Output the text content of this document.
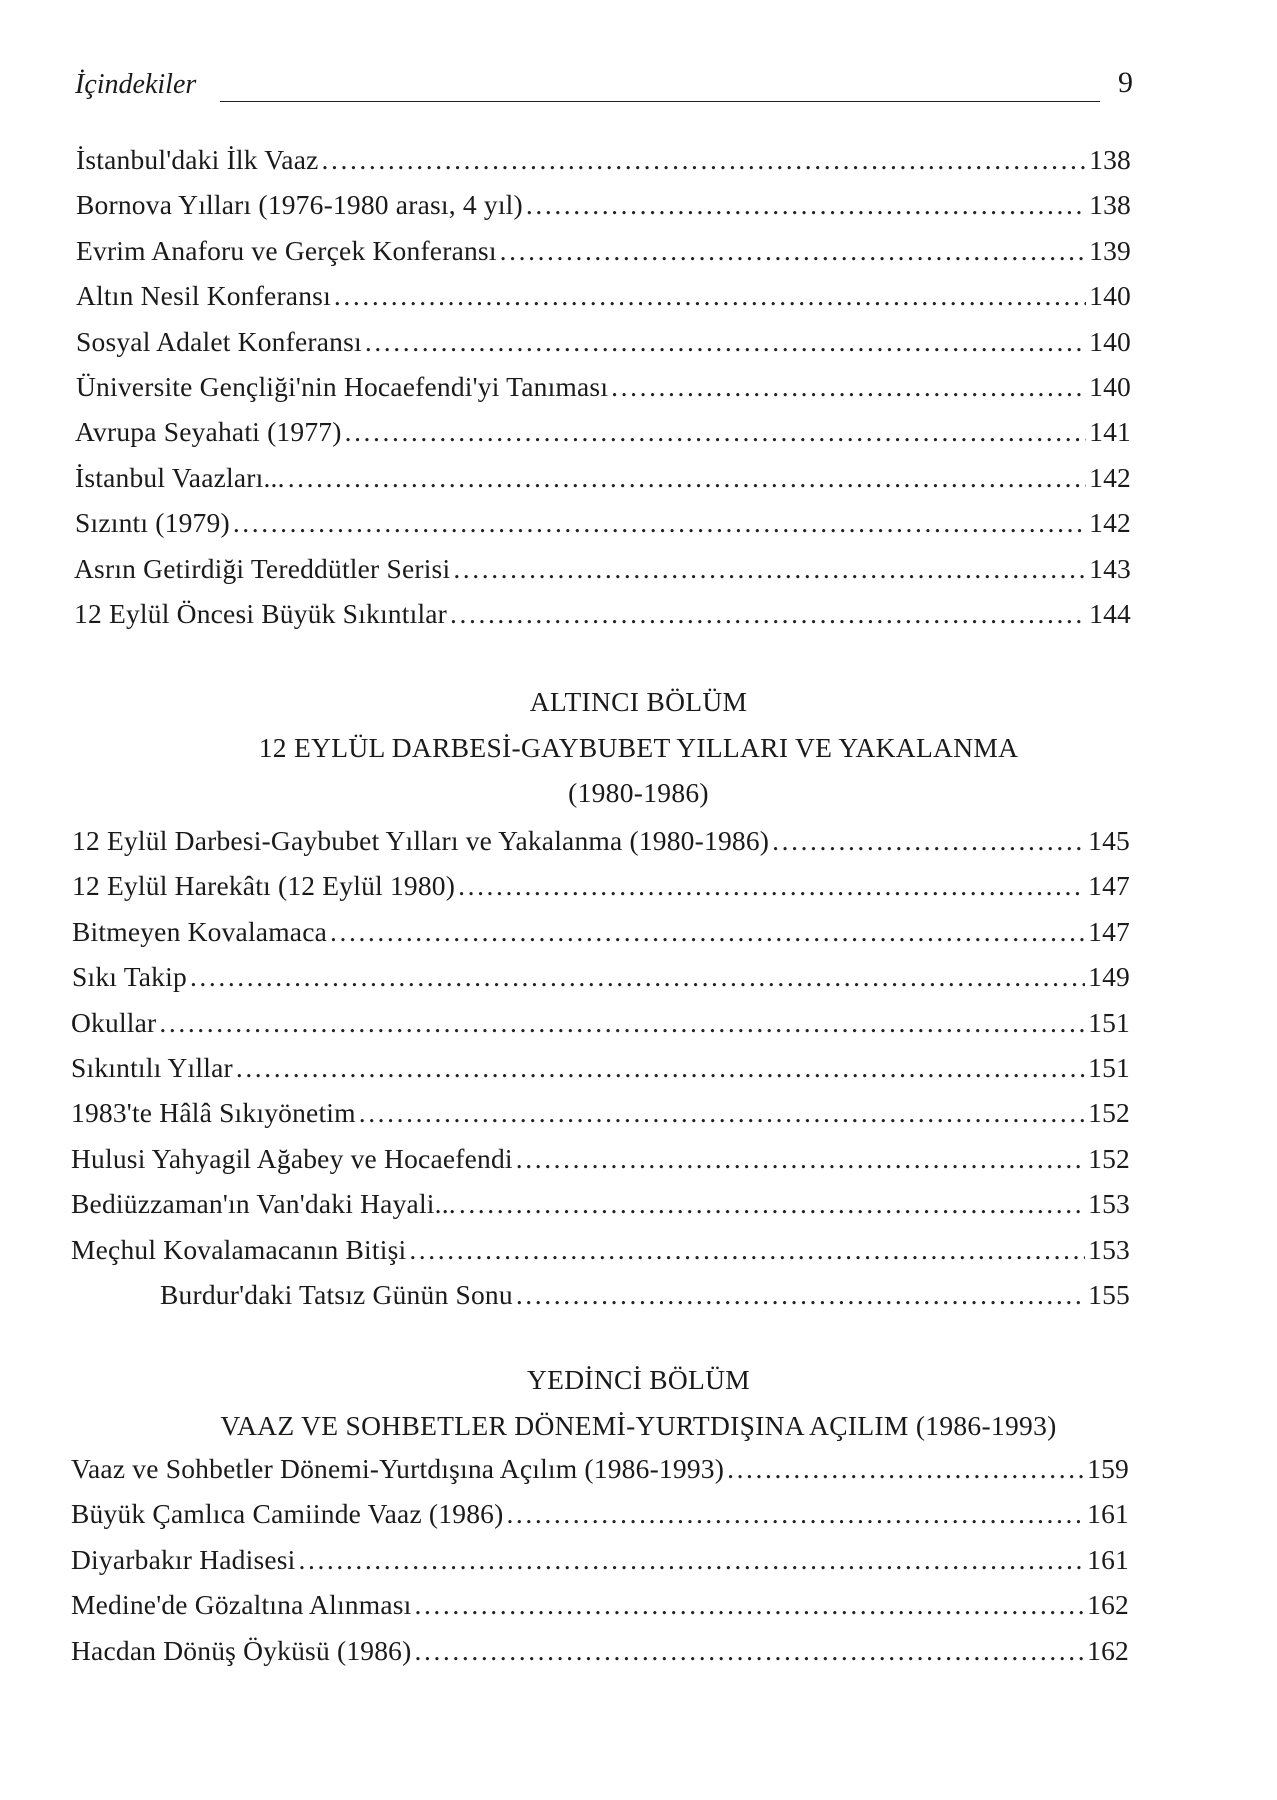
İçindekiler	9
İstanbul'daki İlk Vaaz .....	138
Bornova Yılları (1976-1980 arası, 4 yıl) .....	138
Evrim Anaforu ve Gerçek Konferansı .....	139
Altın Nesil Konferansı .....	140
Sosyal Adalet Konferansı .....	140
Üniversite Gençliği'nin Hocaefendi'yi Tanıması .....	140
Avrupa Seyahati (1977) .....	141
İstanbul Vaazları... .....	142
Sızıntı (1979) .....	142
Asrın Getirdiği Tereddütler Serisi .....	143
12 Eylül Öncesi Büyük Sıkıntılar .....	144
ALTINCI BÖLÜM
12 EYLÜL DARBESİ-GAYBUBET YILLARI VE YAKALANMA
(1980-1986)
12 Eylül Darbesi-Gaybubet Yılları ve Yakalanma (1980-1986) .....	145
12 Eylül Harekâtı (12 Eylül 1980) .....	147
Bitmeyen Kovalamaca .....	147
Sıkı Takip .....	149
Okullar .....	151
Sıkıntılı Yıllar .....	151
1983'te Hâlâ Sıkıyönetim .....	152
Hulusi Yahyagil Ağabey ve Hocaefendi .....	152
Bediüzzaman'ın Van'daki Hayali... .....	153
Meçhul Kovalamacanın Bitişi .....	153
Burdur'daki Tatsız Günün Sonu .....	155
YEDİNCİ BÖLÜM
VAAZ VE SOHBETLER DÖNEMİ-YURTDIŞINA AÇILIM (1986-1993)
Vaaz ve Sohbetler Dönemi-Yurtdışına Açılım (1986-1993) .....	159
Büyük Çamlıca Camiinde Vaaz (1986) .....	161
Diyarbakır Hadisesi .....	161
Medine'de Gözaltına Alınması .....	162
Hacdan Dönüş Öyküsü (1986) .....	162
